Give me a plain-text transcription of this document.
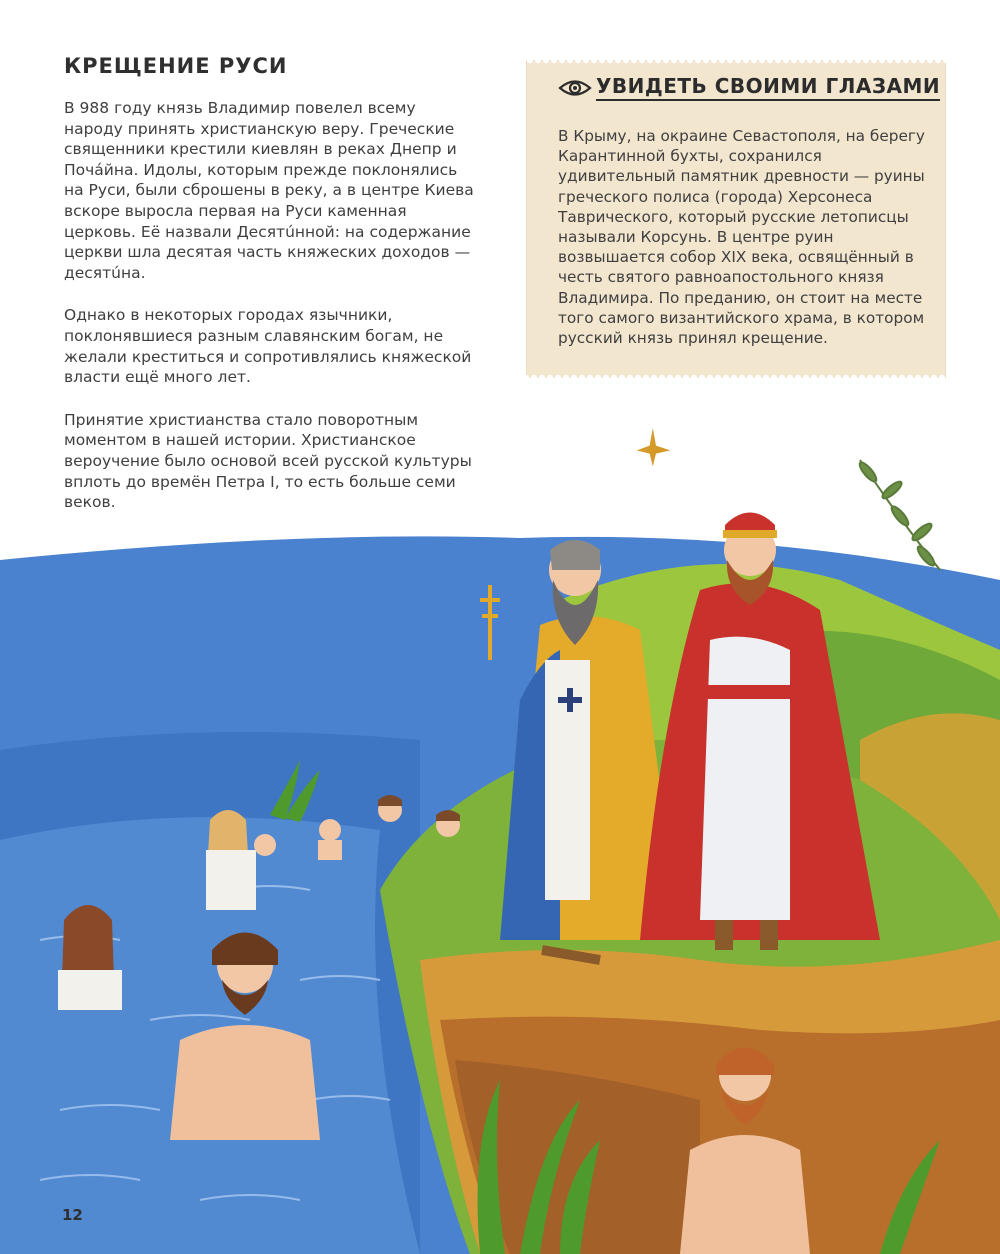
КРЕЩЕНИЕ РУСИ

В 988 году князь Владимир повелел всему народу принять христианскую веру. Греческие священники крестили киевлян в реках Днепр и Почáйна. Идолы, которым прежде поклонялись на Руси, были сброшены в реку, а в центре Киева вскоре выросла первая на Руси каменная церковь. Её назвали Десятúнной: на содержание церкви шла десятая часть княжеских доходов — десятúна.

Однако в некоторых городах язычники, поклонявшиеся разным славянским богам, не желали креститься и сопротивлялись княжеской власти ещё много лет.

Принятие христианства стало поворотным моментом в нашей истории. Христианское вероучение было основой всей русской культуры вплоть до времён Петра I, то есть больше семи веков.

УВИДЕТЬ СВОИМИ ГЛАЗАМИ
В Крыму, на окраине Севастополя, на берегу Карантинной бухты, сохранился удивительный памятник древности — руины греческого полиса (города) Херсонеса Таврического, который русские летописцы называли Корсунь. В центре руин возвышается собор XIX века, освящённый в честь святого равноапостольного князя Владимира. По преданию, он стоит на месте того самого византийского храма, в котором русский князь принял крещение.
12
